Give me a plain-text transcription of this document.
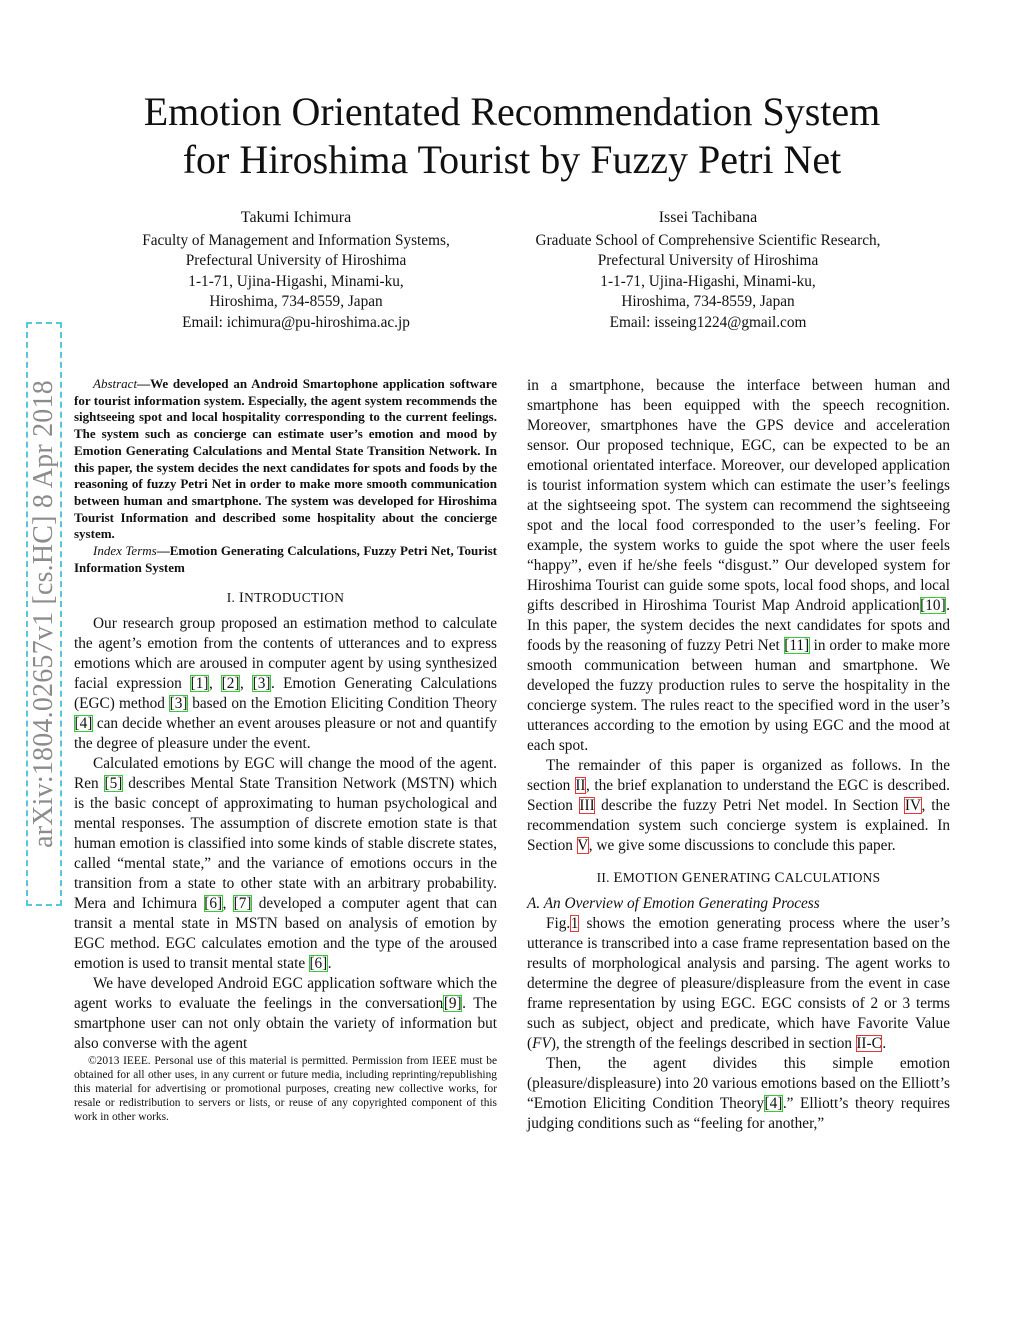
arXiv:1804.02657v1 [cs.HC] 8 Apr 2018
Emotion Orientated Recommendation System
for Hiroshima Tourist by Fuzzy Petri Net
Takumi Ichimura
Faculty of Management and Information Systems,
Prefectural University of Hiroshima
1-1-71, Ujina-Higashi, Minami-ku,
Hiroshima, 734-8559, Japan
Email: ichimura@pu-hiroshima.ac.jp
Issei Tachibana
Graduate School of Comprehensive Scientific Research,
Prefectural University of Hiroshima
1-1-71, Ujina-Higashi, Minami-ku,
Hiroshima, 734-8559, Japan
Email: isseing1224@gmail.com

Abstract—We developed an Android Smartophone application software for tourist information system. Especially, the agent system recommends the sightseeing spot and local hospitality corresponding to the current feelings. The system such as concierge can estimate user’s emotion and mood by Emotion Generating Calculations and Mental State Transition Network. In this paper, the system decides the next candidates for spots and foods by the reasoning of fuzzy Petri Net in order to make more smooth communication between human and smartphone. The system was developed for Hiroshima Tourist Information and described some hospitality about the concierge system.

Index Terms—Emotion Generating Calculations, Fuzzy Petri Net, Tourist Information System

I. INTRODUCTION

Our research group proposed an estimation method to calculate the agent’s emotion from the contents of utterances and to express emotions which are aroused in computer agent by using synthesized facial expression [1], [2], [3]. Emotion Generating Calculations (EGC) method [3] based on the Emotion Eliciting Condition Theory [4] can decide whether an event arouses pleasure or not and quantify the degree of pleasure under the event.

Calculated emotions by EGC will change the mood of the agent. Ren [5] describes Mental State Transition Network (MSTN) which is the basic concept of approximating to human psychological and mental responses. The assumption of discrete emotion state is that human emotion is classified into some kinds of stable discrete states, called “mental state,” and the variance of emotions occurs in the transition from a state to other state with an arbitrary probability. Mera and Ichimura [6], [7] developed a computer agent that can transit a mental state in MSTN based on analysis of emotion by EGC method. EGC calculates emotion and the type of the aroused emotion is used to transit mental state [6].

We have developed Android EGC application software which the agent works to evaluate the feelings in the conversation[9]. The smartphone user can not only obtain the variety of information but also converse with the agent

©2013 IEEE. Personal use of this material is permitted. Permission from IEEE must be obtained for all other uses, in any current or future media, including reprinting/republishing this material for advertising or promotional purposes, creating new collective works, for resale or redistribution to servers or lists, or reuse of any copyrighted component of this work in other works.

in a smartphone, because the interface between human and smartphone has been equipped with the speech recognition. Moreover, smartphones have the GPS device and acceleration sensor. Our proposed technique, EGC, can be expected to be an emotional orientated interface. Moreover, our developed application is tourist information system which can estimate the user’s feelings at the sightseeing spot. The system can recommend the sightseeing spot and the local food corresponded to the user’s feeling. For example, the system works to guide the spot where the user feels “happy”, even if he/she feels “disgust.” Our developed system for Hiroshima Tourist can guide some spots, local food shops, and local gifts described in Hiroshima Tourist Map Android application[10]. In this paper, the system decides the next candidates for spots and foods by the reasoning of fuzzy Petri Net [11] in order to make more smooth communication between human and smartphone. We developed the fuzzy production rules to serve the hospitality in the concierge system. The rules react to the specified word in the user’s utterances according to the emotion by using EGC and the mood at each spot.

The remainder of this paper is organized as follows. In the section II, the brief explanation to understand the EGC is described. Section III describe the fuzzy Petri Net model. In Section IV, the recommendation system such concierge system is explained. In Section V, we give some discussions to conclude this paper.

II. EMOTION GENERATING CALCULATIONS

A. An Overview of Emotion Generating Process

Fig.1 shows the emotion generating process where the user’s utterance is transcribed into a case frame representation based on the results of morphological analysis and parsing. The agent works to determine the degree of pleasure/displeasure from the event in case frame representation by using EGC. EGC consists of 2 or 3 terms such as subject, object and predicate, which have Favorite Value (FV), the strength of the feelings described in section II-C.

Then, the agent divides this simple emotion (pleasure/displeasure) into 20 various emotions based on the Elliott’s “Emotion Eliciting Condition Theory[4].” Elliott’s theory requires judging conditions such as “feeling for another,”
